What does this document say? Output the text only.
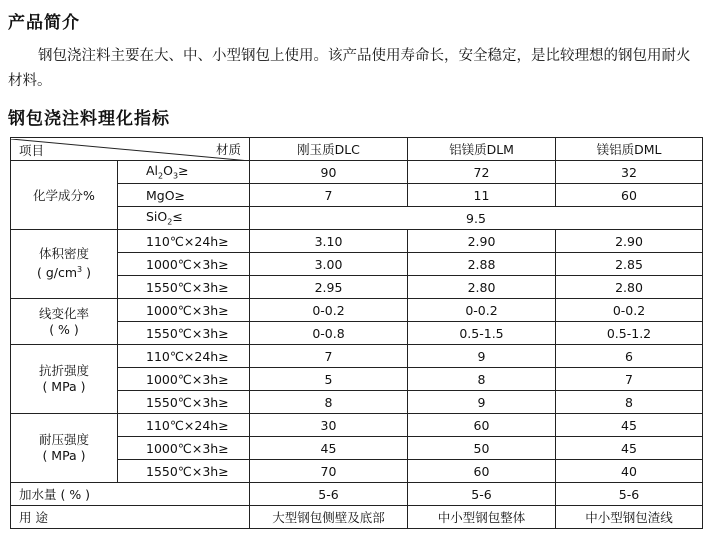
产品简介

钢包浇注料主要在大、中、小型钢包上使用。该产品使用寿命长，安全稳定，是比较理想的钢包用耐火材料。

钢包浇注料理化指标
材质
项目		刚玉质DLC	铝镁质DLM	镁铝质DML
化学成分%	$Al_2O_3\ge$	90	72	32
	MgO≥	7	11	60
	SiO$_2$≤	9.5		
体积密度
( $g/cm^3$ )	110℃×24h≥	3.10	2.90	2.90
	1000℃×3h≥	3.00	2.88	2.85
	1550℃×3h≥	2.95	2.80	2.80
线变化率
( % )	1000℃×3h≥	0-0.2	0-0.2	0-0.2
	1550℃×3h≥	0-0.8	0.5-1.5	0.5-1.2
抗折强度
( MPa )	110℃×24h≥	7	9	6
	1000℃×3h≥	5	8	7
	1550℃×3h≥	8	9	8
耐压强度
( MPa )	110℃×24h≥	30	60	45
	1000℃×3h≥	45	50	45
	1550℃×3h≥	70	60	40
加水量 ( % )		5-6	5-6	5-6
用 途		大型钢包侧壁及底部	中小型钢包整体	中小型钢包渣线
